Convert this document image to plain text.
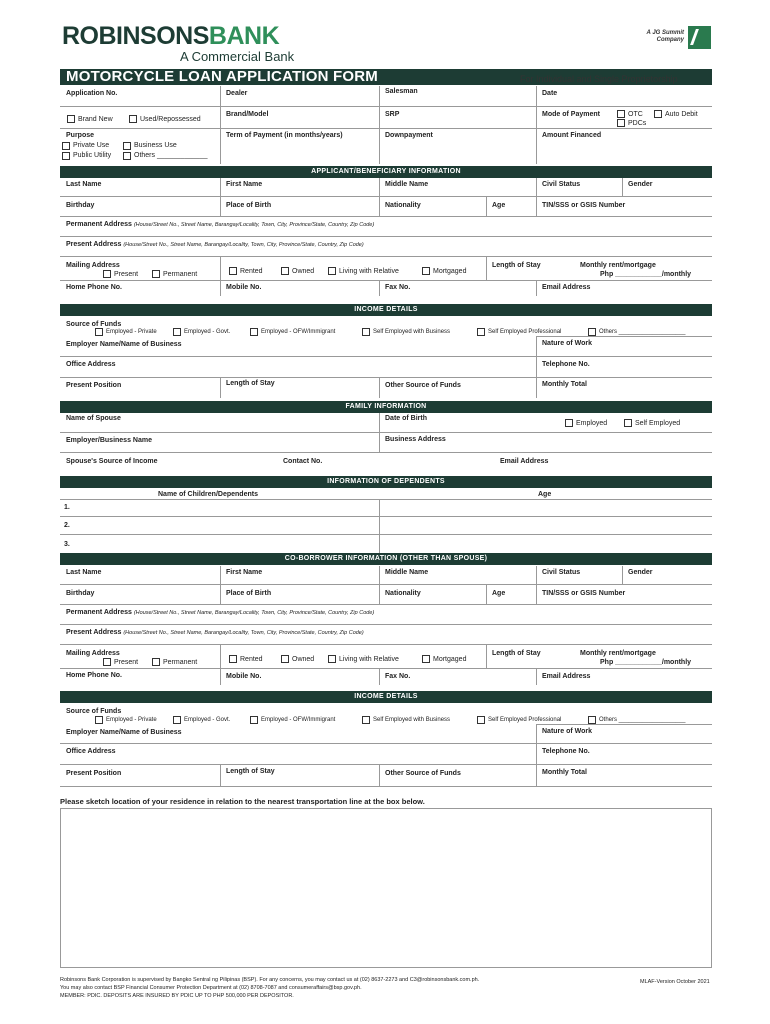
ROBINSONSBANK
A Commercial Bank
A JG Summit Company
MOTORCYCLE LOAN APPLICATION FORM	For Individual and Single Proprietorship
Application No.	Dealer	Salesman	Date
Brand New	Used/Repossessed
Brand/Model	SRP	Mode of Payment	OTC
PDCs
Auto Debit
Purpose
Private Use	Business Use
Public Utility	Others _____________
Term of Payment (in months/years)	Downpayment	Amount Financed
APPLICANT/BENEFICIARY INFORMATION
Last Name	First Name	Middle Name	Civil Status	Gender
Birthday	Place of Birth	Nationality	Age	TIN/SSS or GSIS Number
Permanent Address (House/Street No., Street Name, Barangay/Locality, Town, City, Province/State, Country, Zip Code)
Present Address (House/Street No., Street Name, Barangay/Locality, Town, City, Province/State, Country, Zip Code)
Mailing Address
Present	Permanent	Rented	Owned	Living with Relative	Mortgaged
Length of Stay	Monthly rent/mortgage
Php ____________/monthly
Home Phone No.	Mobile No.	Fax No.	Email Address
INCOME DETAILS
Source of Funds
Employed - Private	Employed - Govt.	Employed - OFW/Immigrant	Self Employed with Business	Self Employed Professional	Others ____________________
Employer Name/Name of Business	Nature of Work
Office Address	Telephone No.
Present Position	Length of Stay	Other Source of Funds	Monthly Total
FAMILY INFORMATION
Name of Spouse	Date of Birth
Employed	Self Employed
Employer/Business Name	Business Address
Spouse's Source of Income	Contact No.	Email Address
INFORMATION OF DEPENDENTS
Name of Children/Dependents	Age
1.
2.
3.
CO-BORROWER INFORMATION (OTHER THAN SPOUSE)
Last Name	First Name	Middle Name	Civil Status	Gender
Birthday	Place of Birth	Nationality	Age	TIN/SSS or GSIS Number
Permanent Address (House/Street No., Street Name, Barangay/Locality, Town, City, Province/State, Country, Zip Code)
Present Address (House/Street No., Street Name, Barangay/Locality, Town, City, Province/State, Country, Zip Code)
Mailing Address
Present	Permanent	Rented	Owned	Living with Relative	Mortgaged
Length of Stay	Monthly rent/mortgage
Php ____________/monthly
Home Phone No.	Mobile No.	Fax No.	Email Address
INCOME DETAILS
Source of Funds
Employed - Private	Employed - Govt.	Employed - OFW/Immigrant	Self Employed with Business	Self Employed Professional	Others ____________________
Employer Name/Name of Business	Nature of Work
Office Address	Telephone No.
Present Position	Length of Stay	Other Source of Funds	Monthly Total
Please sketch location of your residence in relation to the nearest transportation line at the box below.
Robinsons Bank Corporation is supervised by Bangko Sentral ng Pilipinas (BSP). For any concerns, you may contact us at (02) 8637-2273 and C3@robinsonsbank.com.ph.
You may also contact BSP Financial Consumer Protection Department at (02) 8708-7087 and consumeraffairs@bsp.gov.ph.
MEMBER: PDIC. DEPOSITS ARE INSURED BY PDIC UP TO PHP 500,000 PER DEPOSITOR.
MLAF-Version October 2021
